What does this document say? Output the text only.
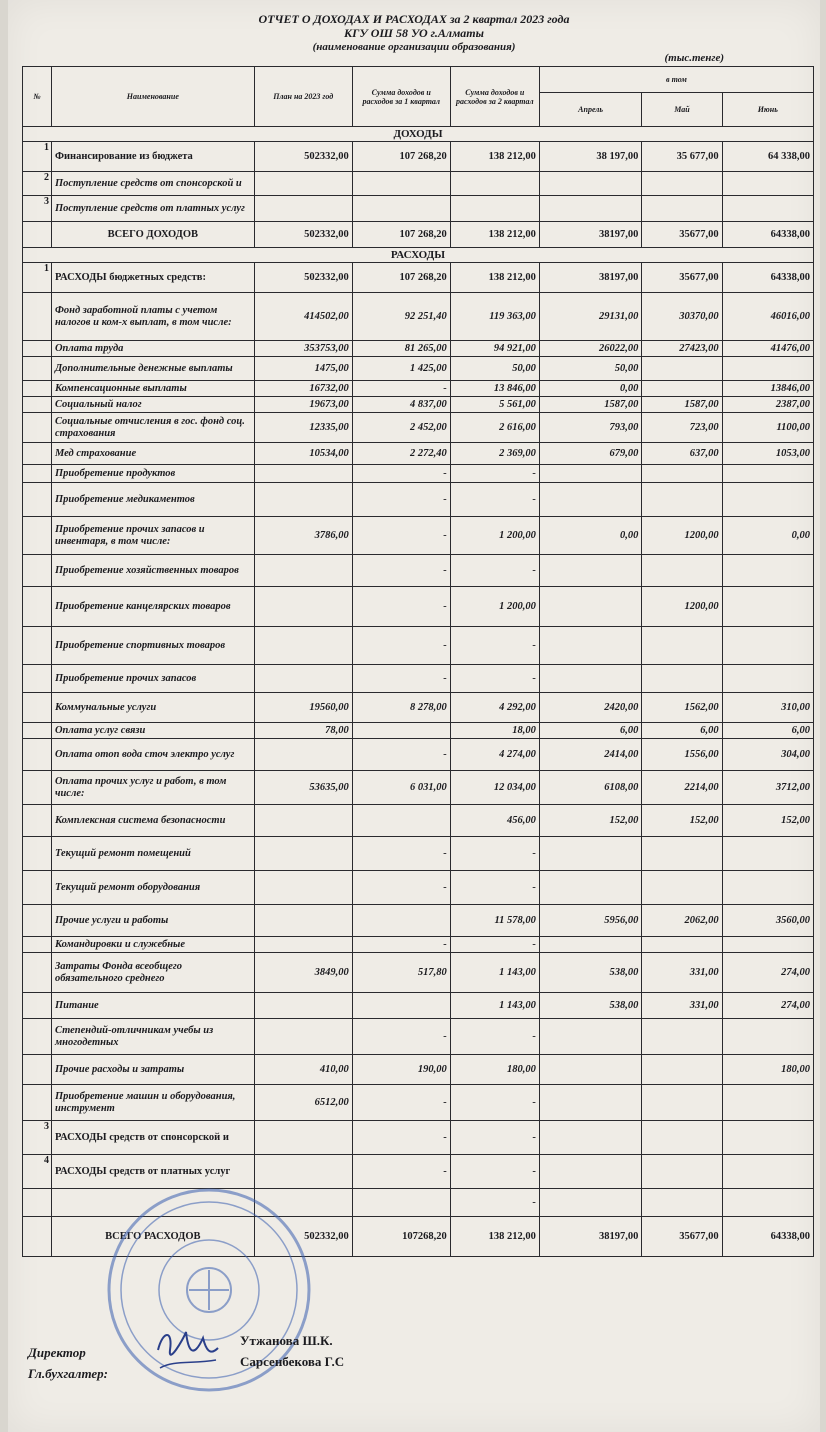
ОТЧЕТ О ДОХОДАХ И РАСХОДАХ за 2 квартал 2023 года
КГУ ОШ 58 УО г.Алматы
(наименование организации образования)
(тыс.тенге)
№	Наименование	План на 2023 год	Сумма доходов и расходов за 1 квартал	Сумма доходов и расходов за 2 квартал	в том		
					Апрель	Май	Июнь
ДОХОДЫ							
1	Финансирование из бюджета	502332,00	107 268,20	138 212,00	38 197,00	35 677,00	64 338,00
2	Поступление средств от спонсорской и						
3	Поступление средств от платных услуг						
	ВСЕГО ДОХОДОВ	502332,00	107 268,20	138 212,00	38197,00	35677,00	64338,00
РАСХОДЫ							
1	РАСХОДЫ бюджетных средств:	502332,00	107 268,20	138 212,00	38197,00	35677,00	64338,00
	Фонд заработной платы с учетом налогов и ком-х выплат, в том числе:	414502,00	92 251,40	119 363,00	29131,00	30370,00	46016,00
	Оплата труда	353753,00	81 265,00	94 921,00	26022,00	27423,00	41476,00
	Дополнительные денежные выплаты	1475,00	1 425,00	50,00	50,00		
	Компенсационные выплаты	16732,00	-	13 846,00	0,00		13846,00
	Социальный налог	19673,00	4 837,00	5 561,00	1587,00	1587,00	2387,00
	Социальные отчисления в гос. фонд соц. страхования	12335,00	2 452,00	2 616,00	793,00	723,00	1100,00
	Мед страхование	10534,00	2 272,40	2 369,00	679,00	637,00	1053,00
	Приобретение продуктов		-	-			
	Приобретение медикаментов		-	-			
	Приобретение прочих запасов и инвентаря, в том числе:	3786,00	-	1 200,00	0,00	1200,00	0,00
	Приобретение хозяйственных товаров		-	-			
	Приобретение канцелярских товаров		-	1 200,00		1200,00	
	Приобретение спортивных товаров		-	-			
	Приобретение прочих запасов		-	-			
	Коммунальные услуги	19560,00	8 278,00	4 292,00	2420,00	1562,00	310,00
	Оплата услуг связи	78,00		18,00	6,00	6,00	6,00
	Оплата отоп вода сточ электро услуг		-	4 274,00	2414,00	1556,00	304,00
	Оплата прочих услуг и работ, в том числе:	53635,00	6 031,00	12 034,00	6108,00	2214,00	3712,00
	Комплексная система безопасности			456,00	152,00	152,00	152,00
	Текущий ремонт помещений		-	-			
	Текущий ремонт оборудования		-	-			
	Прочие услуги и работы			11 578,00	5956,00	2062,00	3560,00
	Командировки и служебные		-	-			
	Затраты Фонда всеобщего обязательного среднего	3849,00	517,80	1 143,00	538,00	331,00	274,00
	Питание			1 143,00	538,00	331,00	274,00
	Степендий-отличникам учебы из многодетных		-	-			
	Прочие расходы и затраты	410,00	190,00	180,00			180,00
	Приобретение машин и оборудования, инструмент	6512,00	-	-			
3	РАСХОДЫ средств от спонсорской и		-	-			
4	РАСХОДЫ средств от платных услуг		-	-			
				-			
	ВСЕГО РАСХОДОВ	502332,00	107268,20	138 212,00	38197,00	35677,00	64338,00
Директор
Гл.бухгалтер:
Утжанова Ш.К.
Сарсенбекова Г.С
